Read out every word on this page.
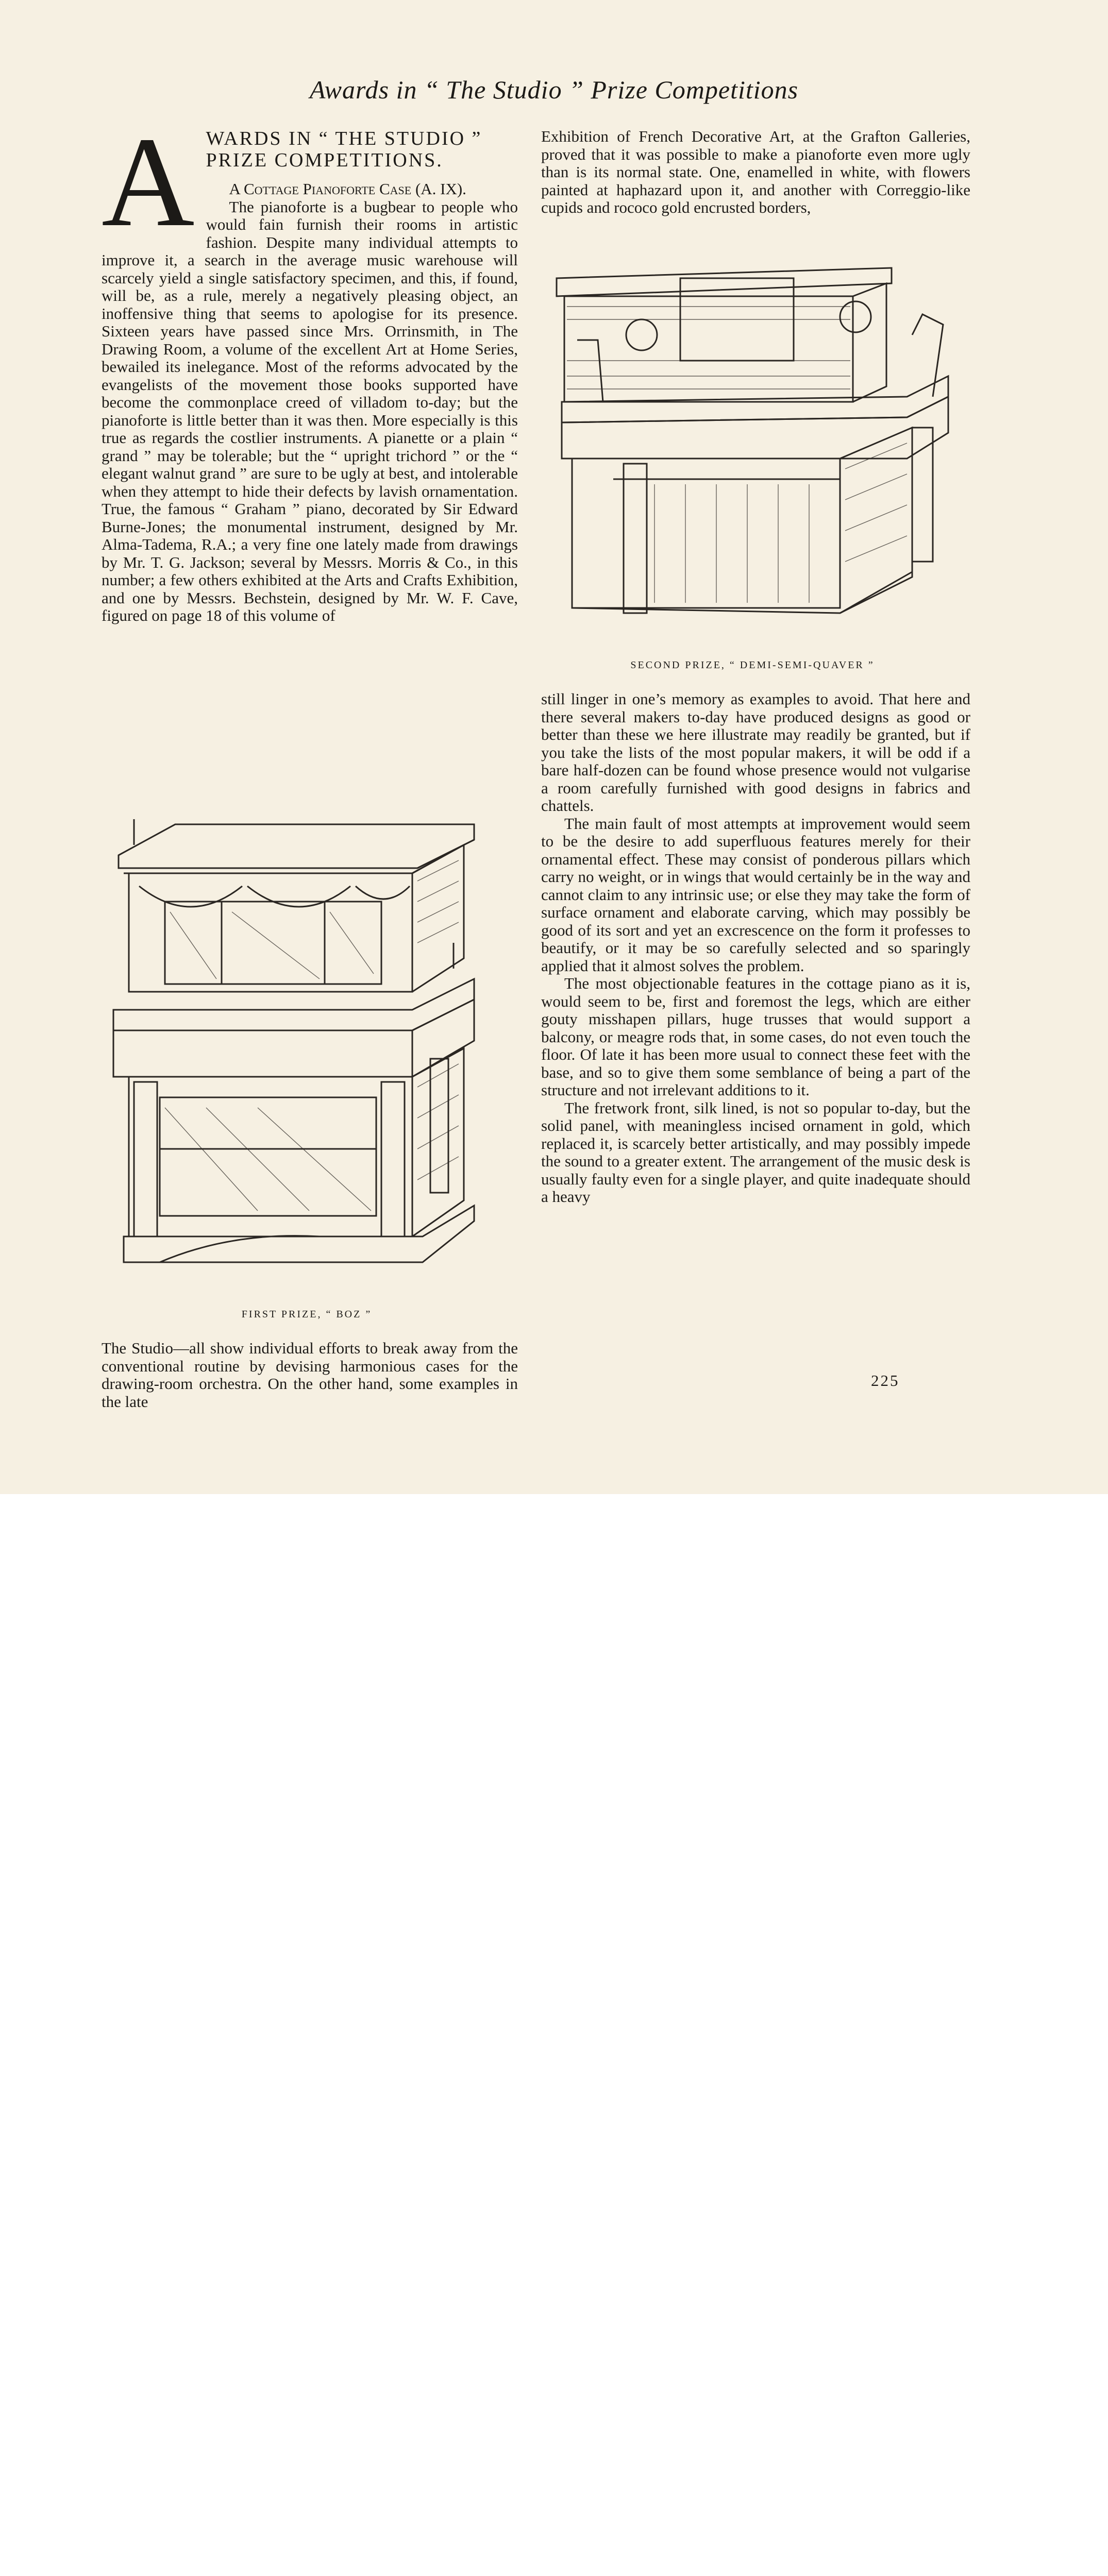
Awards in “ The Studio ” Prize Competitions
A WARDS IN “ THE STUDIO ”
PRIZE COMPETITIONS.

A Cottage Pianoforte Case (A. IX).

The pianoforte is a bugbear to people who would fain furnish their rooms in artistic fashion. Despite many individual attempts to improve it, a search in the average music warehouse will scarcely yield a single satisfactory specimen, and this, if found, will be, as a rule, merely a negatively pleasing object, an inoffensive thing that seems to apologise for its presence. Sixteen years have passed since Mrs. Orrinsmith, in The Drawing Room, a volume of the excellent Art at Home Series, bewailed its inelegance. Most of the reforms advocated by the evangelists of the movement those books supported have become the commonplace creed of villadom to-day; but the pianoforte is little better than it was then. More especially is this true as regards the costlier instruments. A pianette or a plain “ grand ” may be tolerable; but the “ upright trichord ” or the “ elegant walnut grand ” are sure to be ugly at best, and intolerable when they attempt to hide their defects by lavish ornamentation. True, the famous “ Graham ” piano, decorated by Sir Edward Burne-Jones; the monumental instrument, designed by Mr. Alma-Tadema, R.A.; a very fine one lately made from drawings by Mr. T. G. Jackson; several by Messrs. Morris & Co., in this number; a few others exhibited at the Arts and Crafts Exhibition, and one by Messrs. Bechstein, designed by Mr. W. F. Cave, figured on page 18 of this volume of

FIRST PRIZE, “ BOZ ”

The Studio—all show individual efforts to break away from the conventional routine by devising harmonious cases for the drawing-room orchestra. On the other hand, some examples in the late

Exhibition of French Decorative Art, at the Grafton Galleries, proved that it was possible to make a pianoforte even more ugly than is its normal state. One, enamelled in white, with flowers painted at haphazard upon it, and another with Correggio-like cupids and rococo gold encrusted borders,

SECOND PRIZE, “ DEMI-SEMI-QUAVER ”

still linger in one’s memory as examples to avoid. That here and there several makers to-day have produced designs as good or better than these we here illustrate may readily be granted, but if you take the lists of the most popular makers, it will be odd if a bare half-dozen can be found whose presence would not vulgarise a room carefully furnished with good designs in fabrics and chattels.

The main fault of most attempts at improvement would seem to be the desire to add superfluous features merely for their ornamental effect. These may consist of ponderous pillars which carry no weight, or in wings that would certainly be in the way and cannot claim to any intrinsic use; or else they may take the form of surface ornament and elaborate carving, which may possibly be good of its sort and yet an excrescence on the form it professes to beautify, or it may be so carefully selected and so sparingly applied that it almost solves the problem.

The most objectionable features in the cottage piano as it is, would seem to be, first and foremost the legs, which are either gouty misshapen pillars, huge trusses that would support a balcony, or meagre rods that, in some cases, do not even touch the floor. Of late it has been more usual to connect these feet with the base, and so to give them some semblance of being a part of the structure and not irrelevant additions to it.

The fretwork front, silk lined, is not so popular to-day, but the solid panel, with meaningless incised ornament in gold, which replaced it, is scarcely better artistically, and may possibly impede the sound to a greater extent. The arrangement of the music desk is usually faulty even for a single player, and quite inadequate should a heavy

225
